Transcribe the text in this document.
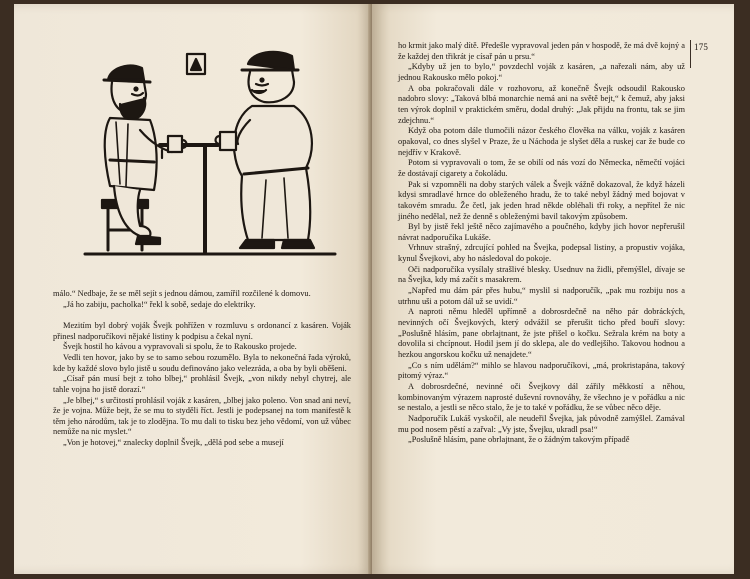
málo.“ Nedbaje, že se měl sejít s jednou dámou, zamířil rozčilené k domovu.

„Já ho zabiju, pacholka!“ řekl k sobě, sedaje do elektriky.

Mezitím byl dobrý voják Švejk pohřížen v rozmluvu s ordonancí z kasáren. Voják přinesl nadporučíkovi nějaké listiny k podpisu a čekal nyní.

Švejk hostil ho kávou a vypravovali si spolu, že to Rakousko projede.

Vedli ten hovor, jako by se to samo sebou rozumělo. Byla to nekonečná řada výroků, kde by každé slovo bylo jistě u soudu definováno jako velezráda, a oba by byli oběšeni.

„Císař pán musí bejt z toho blbej,“ prohlásil Švejk, „von nikdy nebyl chytrej, ale tahle vojna ho jistě dorazí.“

„Je blbej,“ s určitostí prohlásil voják z kasáren, „blbej jako poleno. Von snad ani neví, že je vojna. Může bejt, že se mu to styděli říct. Jestli je podepsanej na tom manifestě k těm jeho národům, tak je to zlodějna. To mu dali to tisku bez jeho vědomí, von už vůbec nemůže na nic myslet.“

„Von je hotovej,“ znalecky doplnil Švejk, „dělá pod sebe a musejí

175

ho krmit jako malý dítě. Předešle vypravoval jeden pán v hospodě, že má dvě kojný a že každej den třikrát je císař pán u prsu.“

„Kdyby už jen to bylo,“ povzdechl voják z kasáren, „a nařezali nám, aby už jednou Rakousko mělo pokoj.“

A oba pokračovali dále v rozhovoru, až konečně Švejk odsoudil Rakousko nadobro slovy: „Taková blbá monarchie nemá ani na světě bejt,“ k čemuž, aby jaksi ten výrok doplnil v praktickém směru, dodal druhý: „Jak přijdu na frontu, tak se jim zdejchnu.“

Když oba potom dále tlumočili názor českého člověka na válku, voják z kasáren opakoval, co dnes slyšel v Praze, že u Náchoda je slyšet děla a ruskej car že bude co nejdřív v Krakově.

Potom si vypravovali o tom, že se obilí od nás vozí do Německa, němečtí vojáci že dostávají cigarety a čokoládu.

Pak si vzpomněli na doby starých válek a Švejk vážně dokazoval, že když házeli kdysi smradlavé hrnce do obleženého hradu, že to také nebyl žádný med bojovat v takovém smradu. Že četl, jak jeden hrad někde obléhali tři roky, a nepřítel že nic jiného nedělal, než že denně s obleženými bavil takovým způsobem.

Byl by jistě řekl ještě něco zajímavého a poučného, kdyby jich hovor nepřerušil návrat nadporučíka Lukáše.

Vrhnuv strašný, zdrcující pohled na Švejka, podepsal listiny, a propustiv vojáka, kynul Švejkovi, aby ho následoval do pokoje.

Oči nadporučíka vysílaly strašlivé blesky. Usednuv na židli, přemýšlel, dívaje se na Švejka, kdy má začít s masakrem.

„Napřed mu dám pár přes hubu,“ myslil si nadporučík, „pak mu rozbiju nos a utrhnu uši a potom dál už se uvidí.“

A naproti němu hleděl upřímně a dobrosrdečně na něho pár dobráckých, nevinných očí Švejkových, který odvážil se přerušit ticho před bouří slovy: „Poslušně hlásím, pane obrlajtnant, že jste přišel o kočku. Sežrala krém na boty a dovolila si chcípnout. Hodil jsem jí do sklepa, ale do vedlejšího. Takovou hodnou a hezkou angorskou kočku už nenajdete.“

„Co s ním udělám?“ mihlo se hlavou nadporučíkovi, „má, prokristapána, takový pitomý výraz.“

A dobrosrdečné, nevinné oči Švejkovy dál zářily měkkostí a něhou, kombinovaným výrazem naprosté duševní rovnováhy, že všechno je v pořádku a nic se nestalo, a jestli se něco stalo, že je to také v pořádku, že se vůbec něco děje.

Nadporučík Lukáš vyskočil, ale neudeřil Švejka, jak původně zamýšlel. Zamával mu pod nosem pěstí a zařval: „Vy jste, Švejku, ukradl psa!“

„Poslušně hlásím, pane obrlajtnant, že o žádným takovým případě
